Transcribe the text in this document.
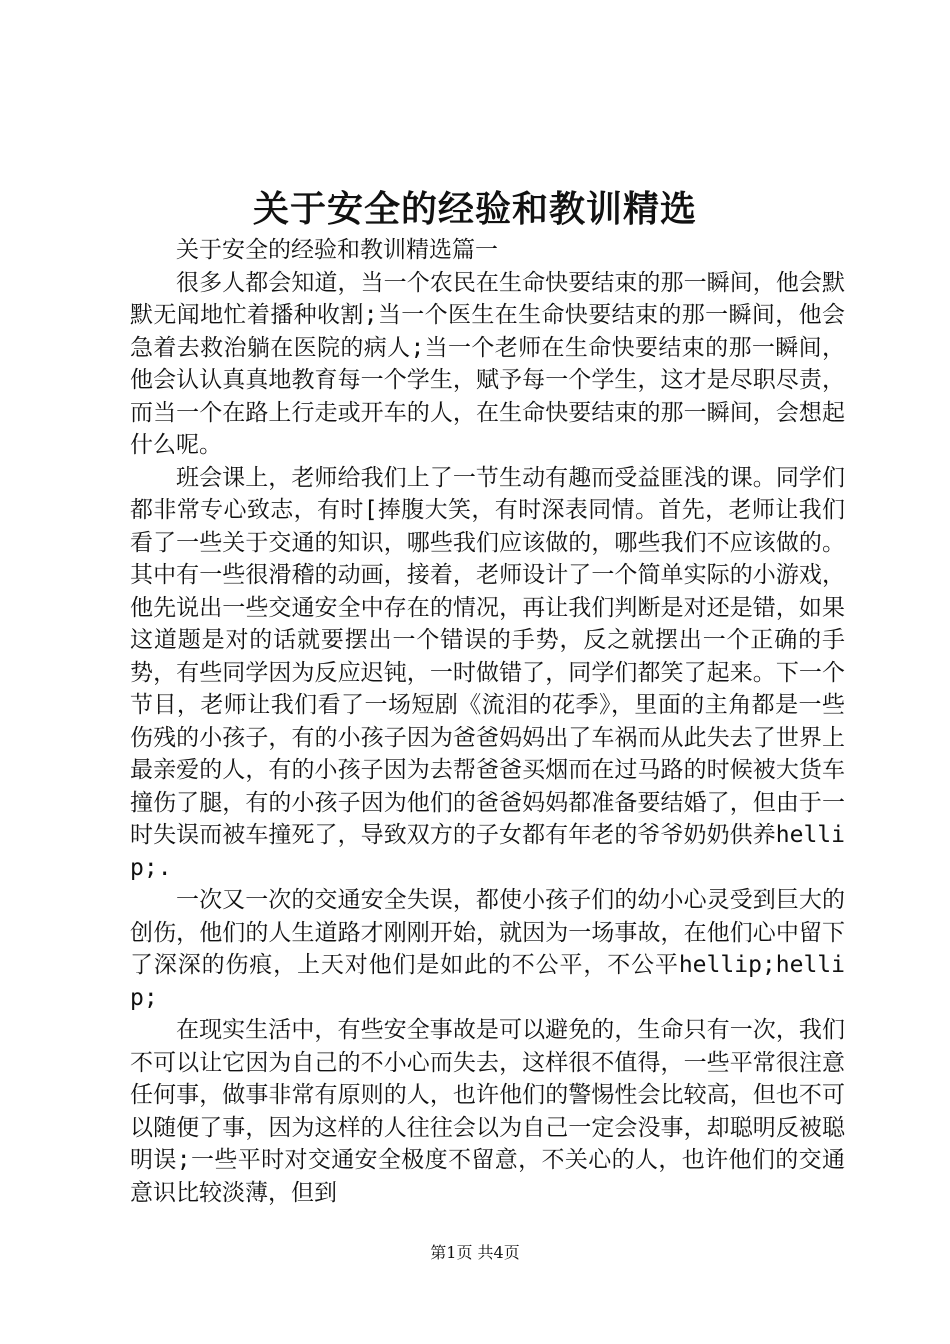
关于安全的经验和教训精选

关于安全的经验和教训精选篇一

很多人都会知道，当一个农民在生命快要结束的那一瞬间，他会默默无闻地忙着播种收割;当一个医生在生命快要结束的那一瞬间，他会急着去救治躺在医院的病人;当一个老师在生命快要结束的那一瞬间，他会认认真真地教育每一个学生，赋予每一个学生，这才是尽职尽责，而当一个在路上行走或开车的人，在生命快要结束的那一瞬间，会想起什么呢。

班会课上，老师给我们上了一节生动有趣而受益匪浅的课。同学们都非常专心致志，有时[捧腹大笑，有时深表同情。首先，老师让我们看了一些关于交通的知识，哪些我们应该做的，哪些我们不应该做的。其中有一些很滑稽的动画，接着，老师设计了一个简单实际的小游戏，他先说出一些交通安全中存在的情况，再让我们判断是对还是错，如果这道题是对的话就要摆出一个错误的手势，反之就摆出一个正确的手势，有些同学因为反应迟钝，一时做错了，同学们都笑了起来。下一个节目，老师让我们看了一场短剧《流泪的花季》，里面的主角都是一些伤残的小孩子，有的小孩子因为爸爸妈妈出了车祸而从此失去了世界上最亲爱的人，有的小孩子因为去帮爸爸买烟而在过马路的时候被大货车撞伤了腿，有的小孩子因为他们的爸爸妈妈都准备要结婚了，但由于一时失误而被车撞死了，导致双方的子女都有年老的爷爷奶奶供养hellip;.

一次又一次的交通安全失误，都使小孩子们的幼小心灵受到巨大的创伤，他们的人生道路才刚刚开始，就因为一场事故，在他们心中留下了深深的伤痕，上天对他们是如此的不公平，不公平hellip;hellip;

在现实生活中，有些安全事故是可以避免的，生命只有一次，我们不可以让它因为自己的不小心而失去，这样很不值得，一些平常很注意任何事，做事非常有原则的人，也许他们的警惕性会比较高，但也不可以随便了事，因为这样的人往往会以为自己一定会没事，却聪明反被聪明误;一些平时对交通安全极度不留意，不关心的人，也许他们的交通意识比较淡薄，但到

第1页 共4页
